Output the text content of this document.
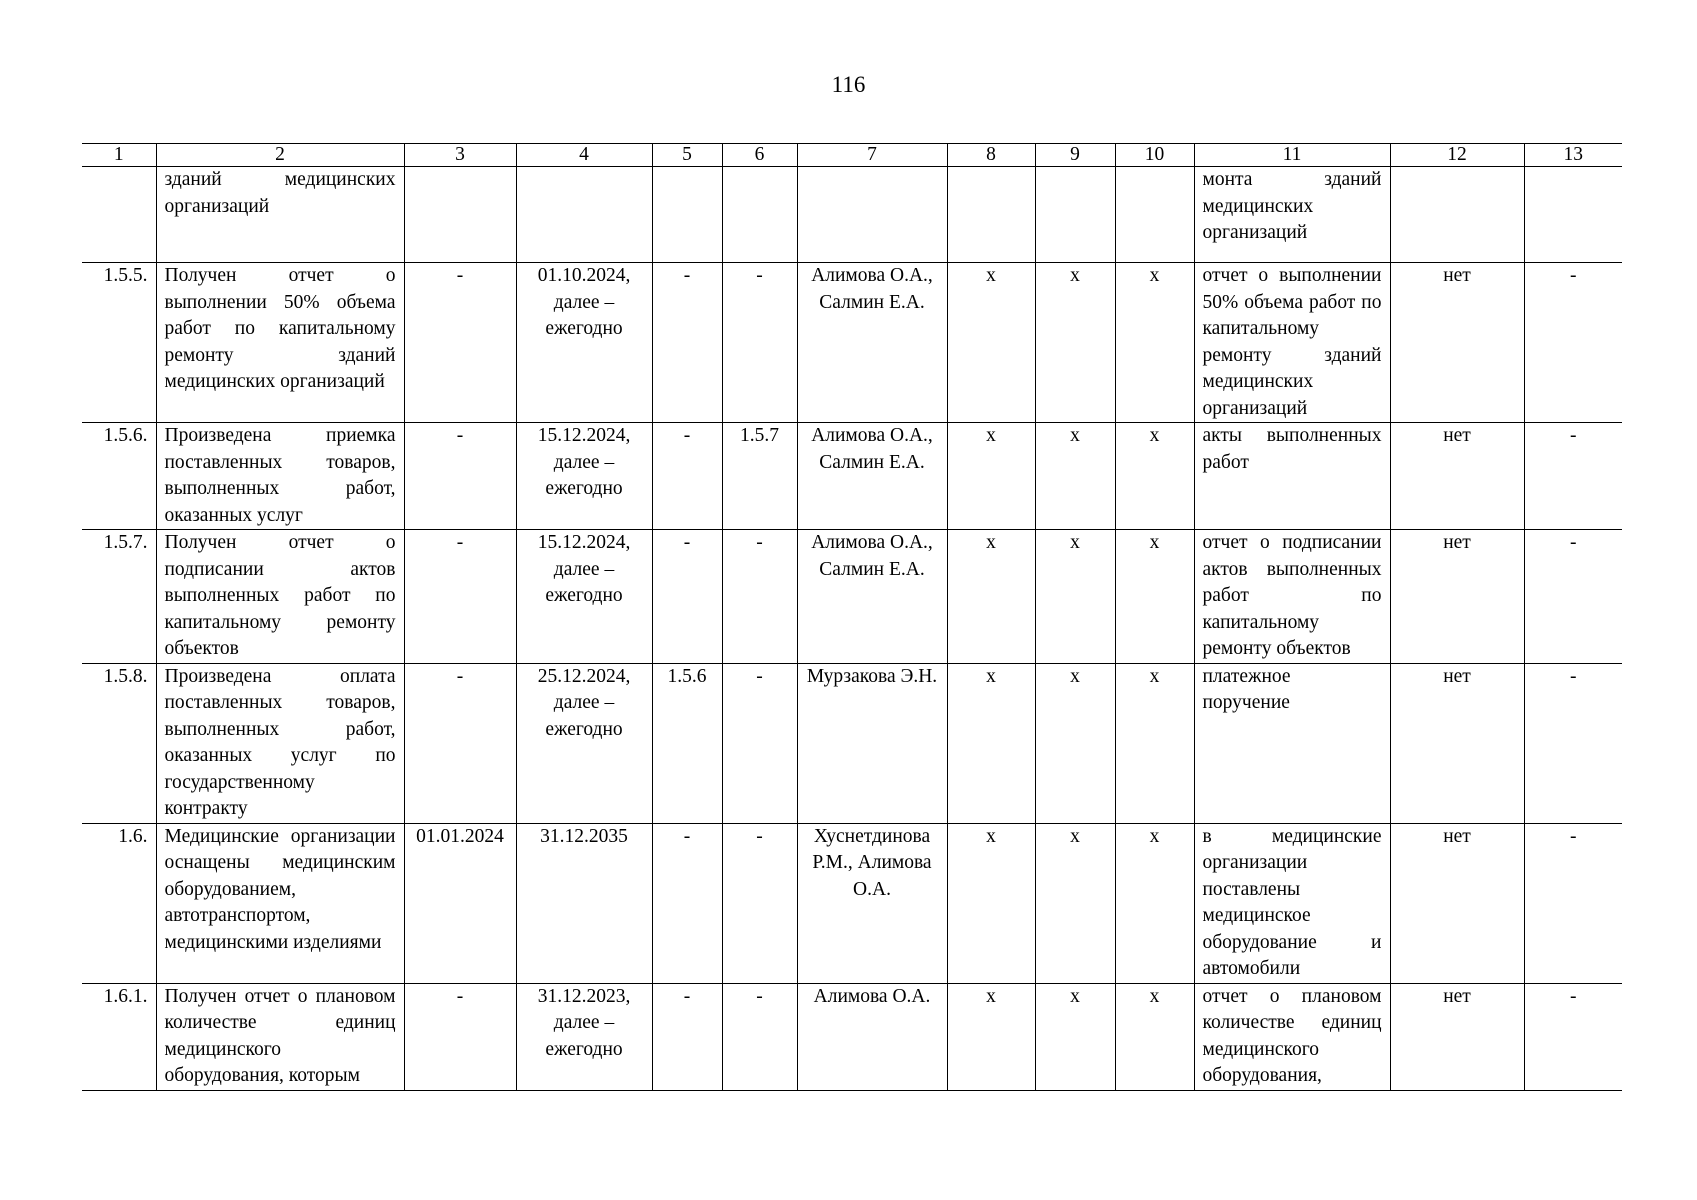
116
1	2	3	4	5	6	7	8	9	10	11	12	13
	зданий медицинских организаций									монта зданий медицинских организаций		
1.5.5.	Получен отчет о выполнении 50% объема работ по капитальному ремонту зданий медицинских организаций	-	01.10.2024, далее – ежегодно	-	-	Алимова О.А., Салмин Е.А.	x	x	x	отчет о выполнении 50% объема работ по капитальному ремонту зданий медицинских организаций	нет	-
1.5.6.	Произведена приемка поставленных товаров, выполненных работ, оказанных услуг	-	15.12.2024, далее – ежегодно	-	1.5.7	Алимова О.А., Салмин Е.А.	x	x	x	акты выполненных работ	нет	-
1.5.7.	Получен отчет о подписании актов выполненных работ по капитальному ремонту объектов	-	15.12.2024, далее – ежегодно	-	-	Алимова О.А., Салмин Е.А.	x	x	x	отчет о подписании актов выполненных работ по капитальному ремонту объектов	нет	-
1.5.8.	Произведена оплата поставленных товаров, выполненных работ, оказанных услуг по государственному контракту	-	25.12.2024, далее – ежегодно	1.5.6	-	Мурзакова Э.Н.	x	x	x	платежное поручение	нет	-
1.6.	Медицинские организации оснащены медицинским оборудованием, автотранспортом, медицинскими изделиями	01.01.2024	31.12.2035	-	-	Хуснетдинова Р.М., Алимова О.А.	x	x	x	в медицинские организации поставлены медицинское оборудование и автомобили	нет	-
1.6.1.	Получен отчет о плановом количестве единиц медицинского оборудования, которым	-	31.12.2023, далее – ежегодно	-	-	Алимова О.А.	x	x	x	отчет о плановом количестве единиц медицинского оборудования,	нет	-
